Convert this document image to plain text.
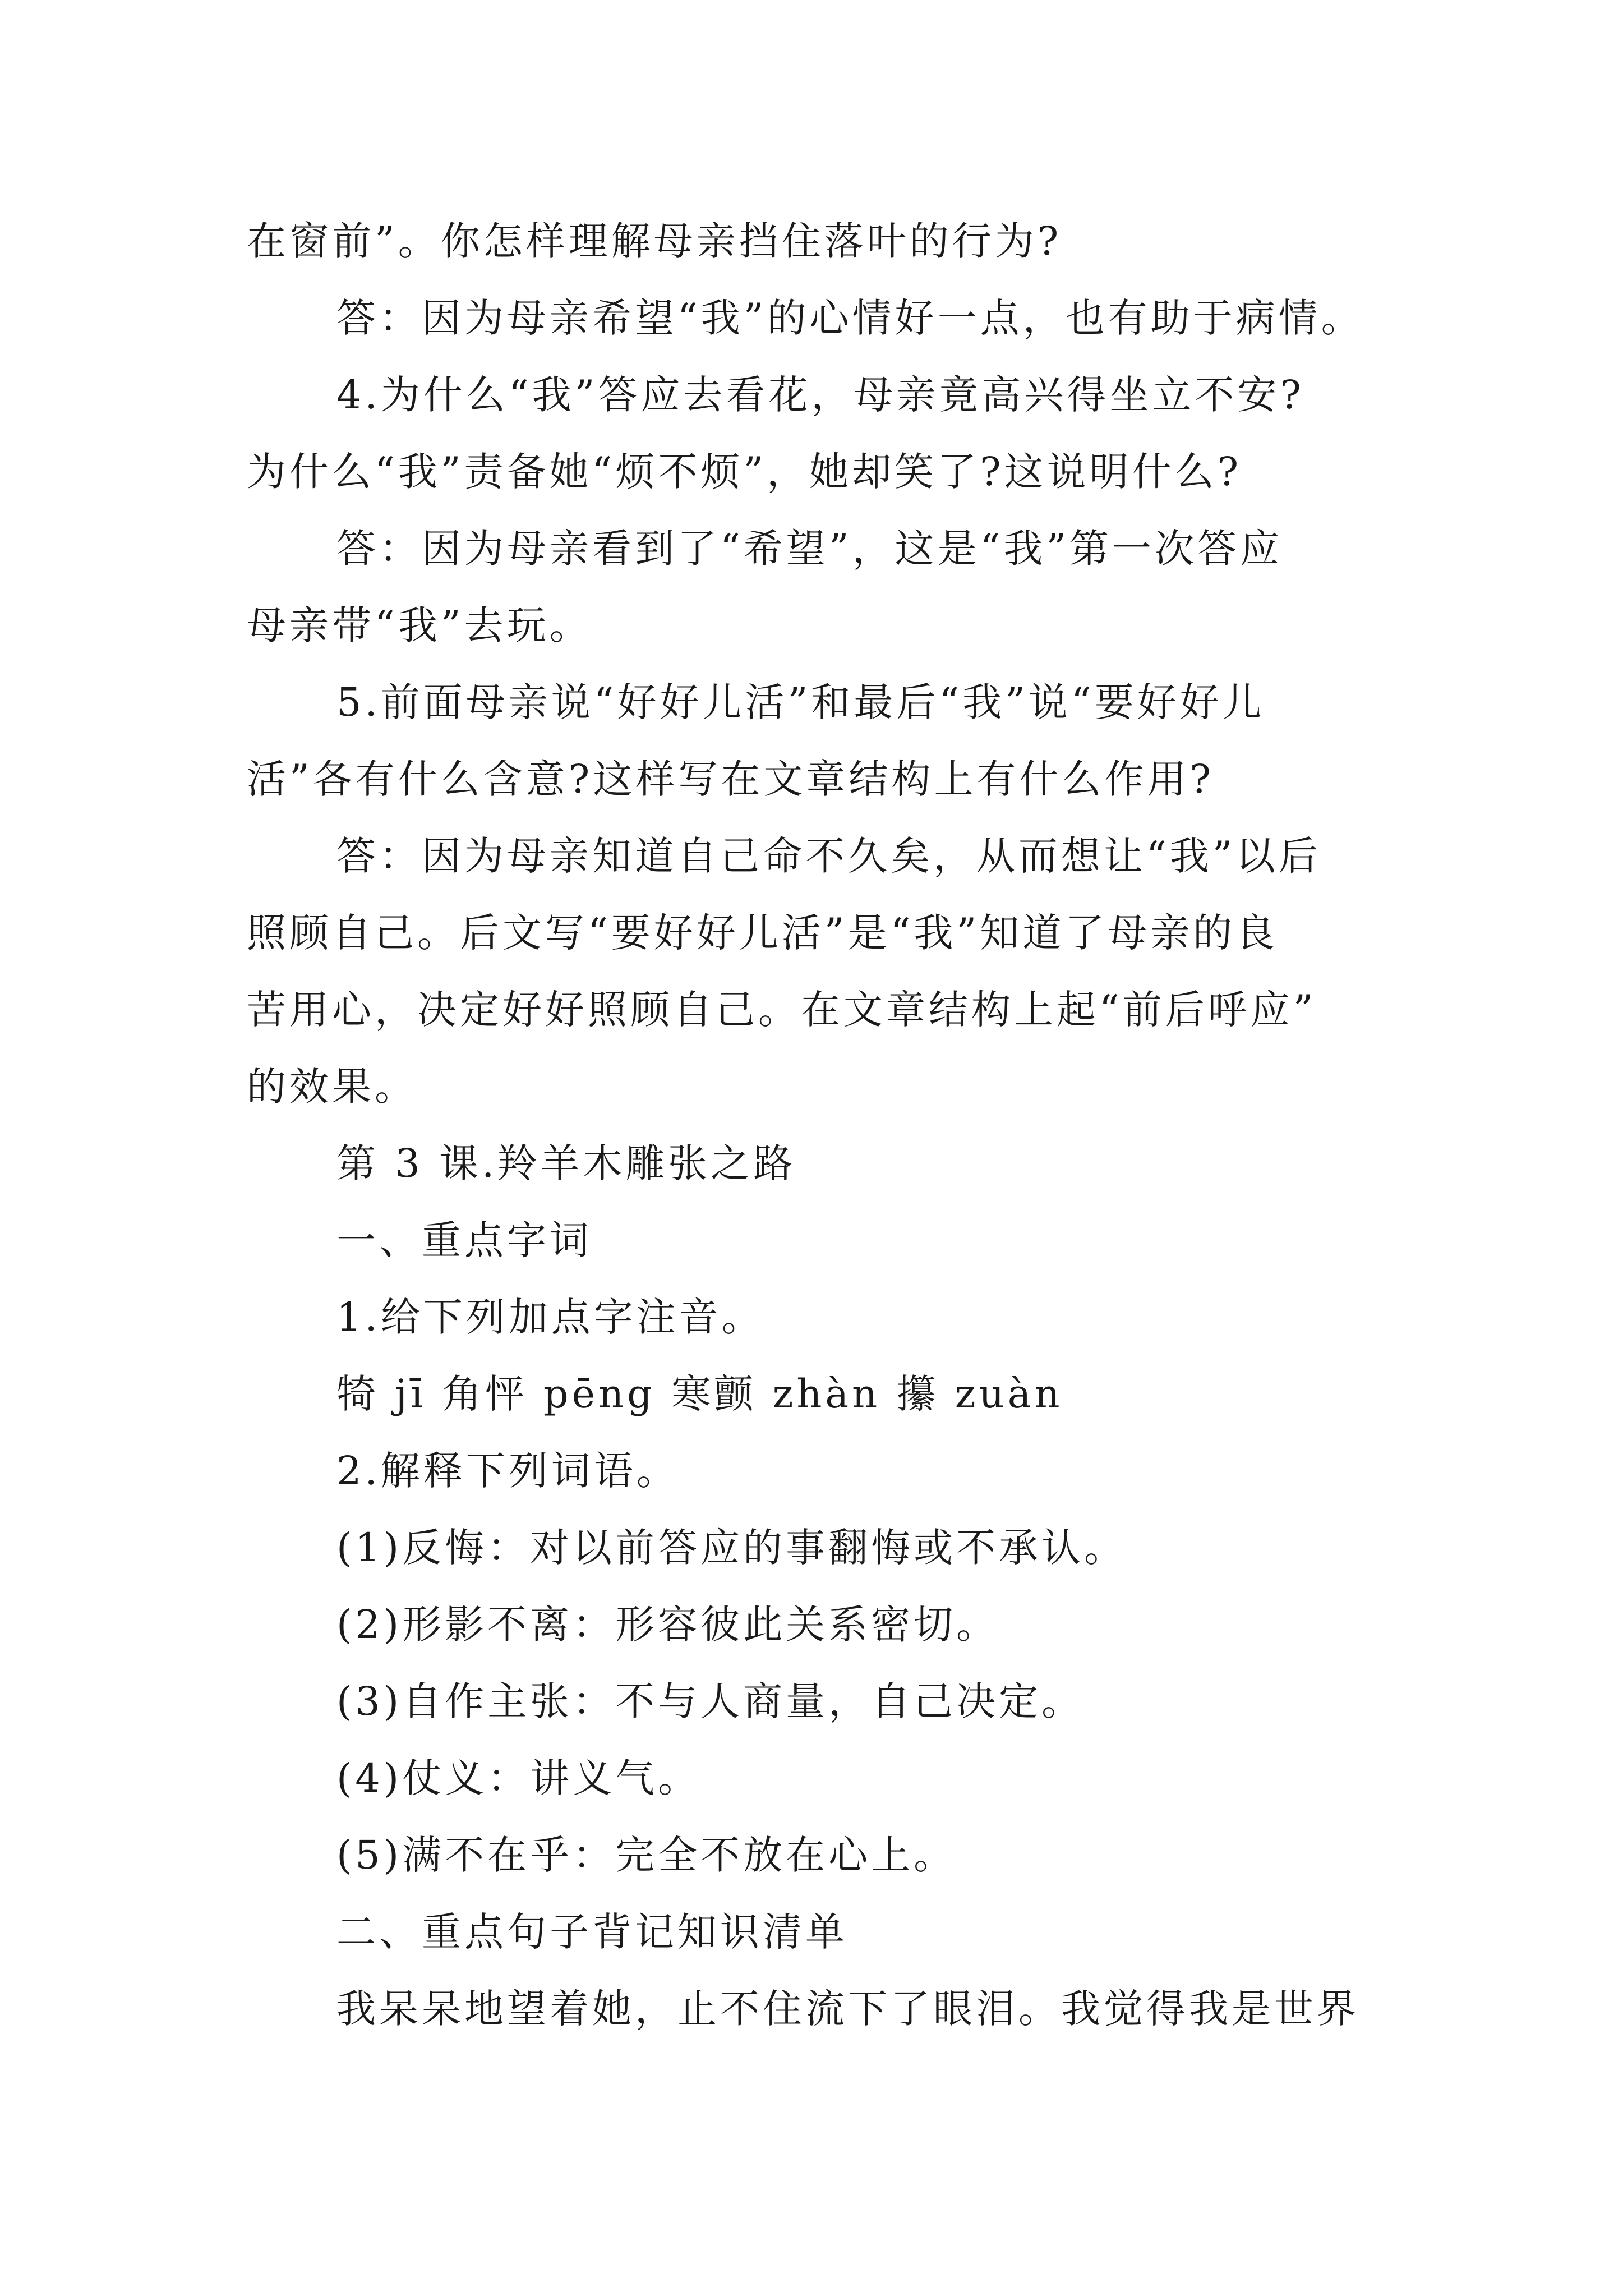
在窗前”。你怎样理解母亲挡住落叶的行为?
答：因为母亲希望“我”的心情好一点，也有助于病情。
4.为什么“我”答应去看花，母亲竟高兴得坐立不安?
为什么“我”责备她“烦不烦”，她却笑了?这说明什么?
答：因为母亲看到了“希望”，这是“我”第一次答应
母亲带“我”去玩。
5.前面母亲说“好好儿活”和最后“我”说“要好好儿
活”各有什么含意?这样写在文章结构上有什么作用?
答：因为母亲知道自己命不久矣，从而想让“我”以后
照顾自己。后文写“要好好儿活”是“我”知道了母亲的良
苦用心，决定好好照顾自己。在文章结构上起“前后呼应”
的效果。
第 3 课.羚羊木雕张之路
一、重点字词
1.给下列加点字注音。
犄 jī 角怦 pēng 寒颤 zhàn 攥 zuàn
2.解释下列词语。
(1)反悔：对以前答应的事翻悔或不承认。
(2)形影不离：形容彼此关系密切。
(3)自作主张：不与人商量，自己决定。
(4)仗义：讲义气。
(5)满不在乎：完全不放在心上。
二、重点句子背记知识清单
我呆呆地望着她，止不住流下了眼泪。我觉得我是世界
